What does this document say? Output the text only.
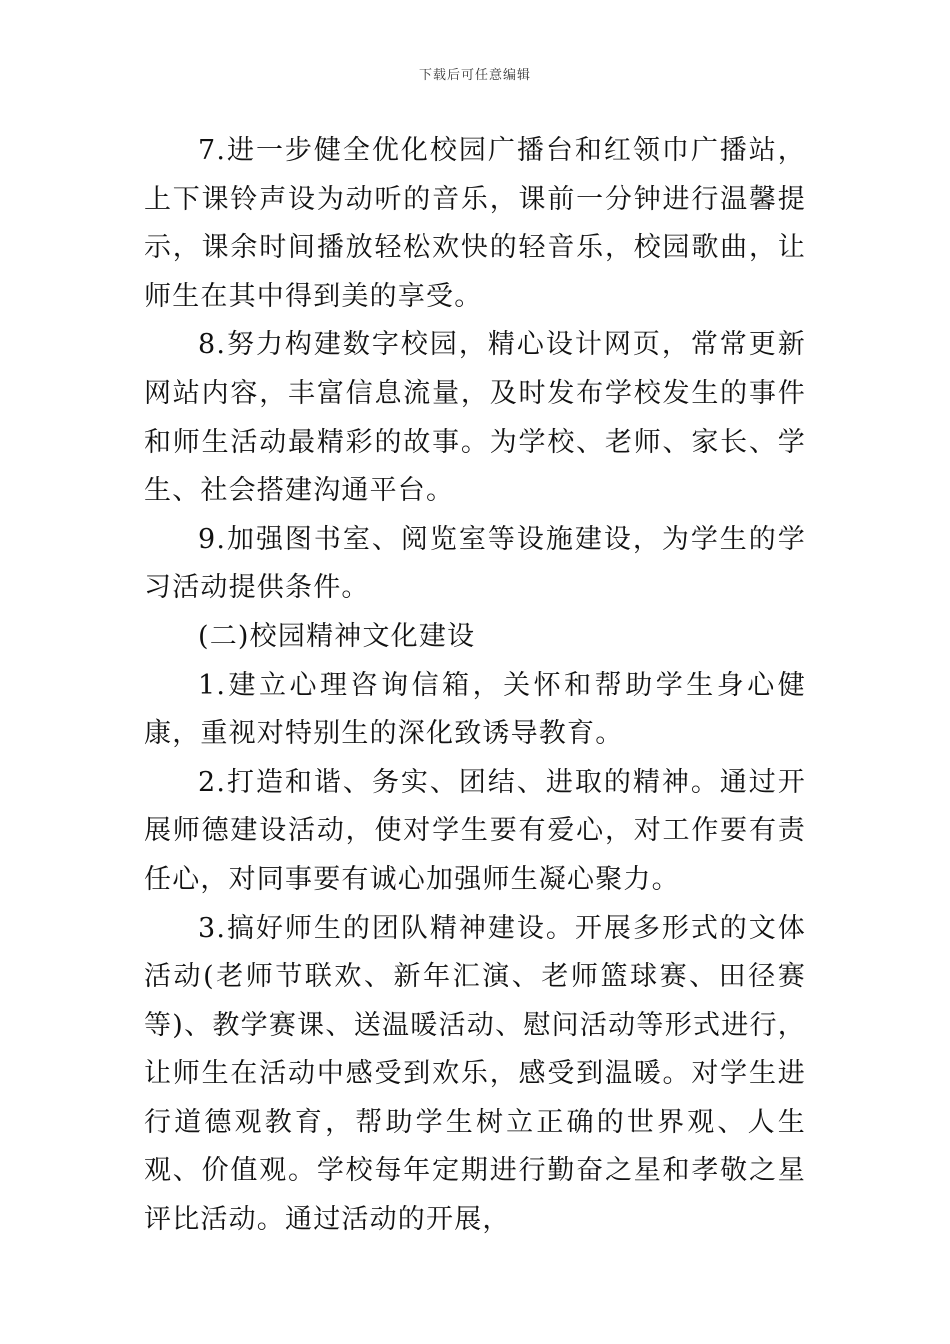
下载后可任意编辑

7.进一步健全优化校园广播台和红领巾广播站，上下课铃声设为动听的音乐，课前一分钟进行温馨提示，课余时间播放轻松欢快的轻音乐，校园歌曲，让师生在其中得到美的享受。

8.努力构建数字校园，精心设计网页，常常更新网站内容，丰富信息流量，及时发布学校发生的事件和师生活动最精彩的故事。为学校、老师、家长、学生、社会搭建沟通平台。

9.加强图书室、阅览室等设施建设，为学生的学习活动提供条件。

(二)校园精神文化建设

1.建立心理咨询信箱，关怀和帮助学生身心健康，重视对特别生的深化致诱导教育。

2.打造和谐、务实、团结、进取的精神。通过开展师德建设活动，使对学生要有爱心，对工作要有责任心，对同事要有诚心加强师生凝心聚力。

3.搞好师生的团队精神建设。开展多形式的文体活动(老师节联欢、新年汇演、老师篮球赛、田径赛等)、教学赛课、送温暖活动、慰问活动等形式进行，让师生在活动中感受到欢乐，感受到温暖。对学生进行道德观教育，帮助学生树立正确的世界观、人生观、价值观。学校每年定期进行勤奋之星和孝敬之星评比活动。通过活动的开展，
